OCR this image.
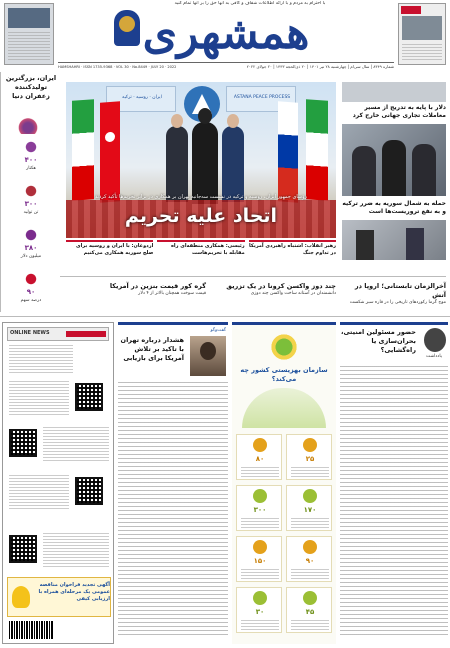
با احترام به مردم و با ارائه اطلاعات شفاف و کافی به آنها حق را بر آنها تمام کنید
همشهری
شماره ۸۴۴۹ | سال سی‌ام | چهارشنبه ۲۸ تیر ۱۴۰۱ | ۲۰ ذی‌الحجه ۱۴۴۳ | ۲۰ جولای ۲۰۲۲
HAMSHAHRI · ISSN 1735-9368 · VOL 30 · No.8449 · JULY 20 · 2022
ایران، بزرگترین تولیدکننده زعفران دنیا
۴۰۰
هکتار
۳۰۰
تن تولید
۳۸۰
میلیون دلار
۹۰
درصد سهم
ایران · روسیه · ترکیه	ASTANA PEACE PROCESS
رؤسای جمهور ایران، روسیه و ترکیه در نشست سه‌جانبه تهران بر همکاری در برابر تحریم‌ها تأکید کردند
اتحاد علیه تحریم
رهبر انقلاب: اشتباه راهبردی آمریکا در تداوم جنگ
رئیسی: همکاری منطقه‌ای راه مقابله با تحریم‌هاست
اردوغان: با ایران و روسیه برای صلح سوریه همکاری می‌کنیم
دلار با پایه به تدریج از مسیر معاملات تجاری جهانی خارج کرد
حمله به شمال سوریه به ضرر ترکیه و به نفع تروریست‌ها است
آخرالزمان تابستانی؛ اروپا در آتش
موج گرما رکوردهای تاریخی را در قاره سبز شکست
چند دوز واکسن کرونا در یک تزریق
دانشمندان در آستانه ساخت واکسن چند دوزی
گره کور قیمت بنزین در آمریکا
قیمت سوخت همچنان بالاتر از ۴ دلار
حضور مسئولین امنیتی، بحران‌سازی یا راه‌گشایی؟
یادداشت
سازمان بهزیستی کشور چه می‌کند؟
۲۵
۸۰
۱۷۰
۳۰۰
۹۰
۱۵۰
۴۵
۳۰
گفت‌وگو
هشدار درباره تهران با تاکید بر تلاش آمریکا برای بازیابی
ONLINE NEWS
آگهی تجدید فراخوان مناقصه عمومی یک مرحله‌ای همراه با ارزیابی کیفی
